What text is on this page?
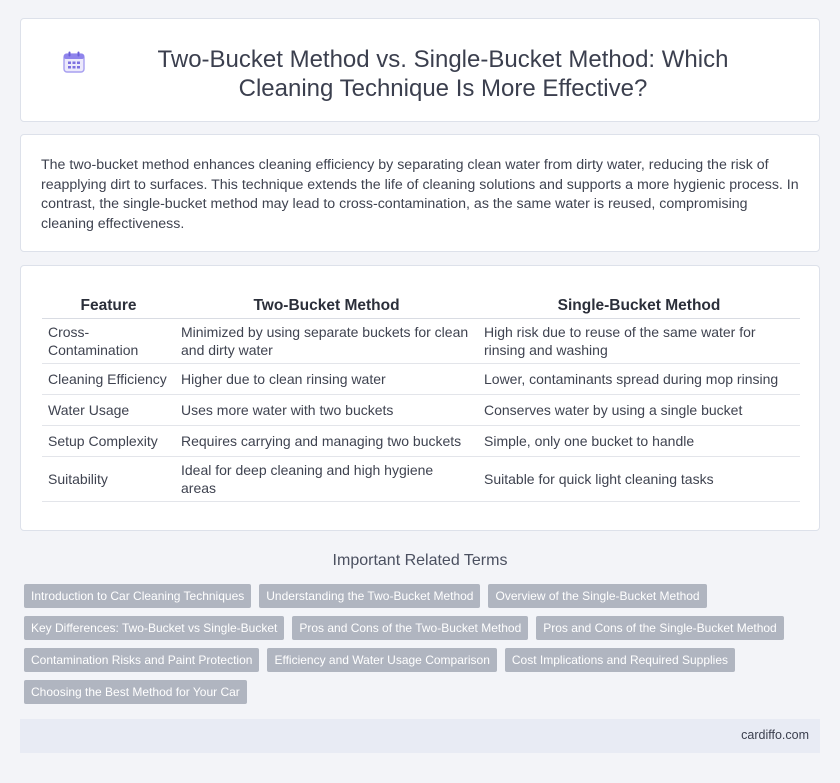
Two-Bucket Method vs. Single-Bucket Method: Which Cleaning Technique Is More Effective?

The two-bucket method enhances cleaning efficiency by separating clean water from dirty water, reducing the risk of reapplying dirt to surfaces. This technique extends the life of cleaning solutions and supports a more hygienic process. In contrast, the single-bucket method may lead to cross-contamination, as the same water is reused, compromising cleaning effectiveness.

Feature	Two-Bucket Method	Single-Bucket Method
Cross-Contamination	Minimized by using separate buckets for clean and dirty water	High risk due to reuse of the same water for rinsing and washing
Cleaning Efficiency	Higher due to clean rinsing water	Lower, contaminants spread during mop rinsing
Water Usage	Uses more water with two buckets	Conserves water by using a single bucket
Setup Complexity	Requires carrying and managing two buckets	Simple, only one bucket to handle
Suitability	Ideal for deep cleaning and high hygiene areas	Suitable for quick light cleaning tasks
Important Related Terms
Introduction to Car Cleaning Techniques	Understanding the Two-Bucket Method	Overview of the Single-Bucket Method
Key Differences: Two-Bucket vs Single-Bucket	Pros and Cons of the Two-Bucket Method	Pros and Cons of the Single-Bucket Method
Contamination Risks and Paint Protection	Efficiency and Water Usage Comparison	Cost Implications and Required Supplies
Choosing the Best Method for Your Car
cardiffo.com
